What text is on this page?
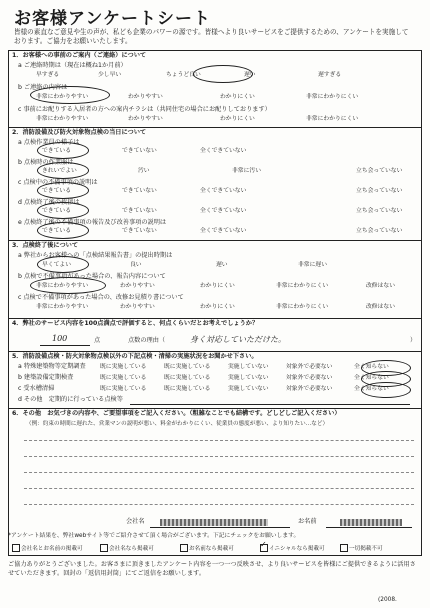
お客様アンケートシート
皆様の素直なご意見や生の声が、私ども企業のパワーの源です。皆様へより良いサービスをご提供するための、アンケートを実施しております。ご協力をお願いいたします。
1．お客様への事前のご案内（ご連絡）について
a ご連絡時期は（現在は概ね1か月前）
早すぎる	少し早い	ちょうど良い	遅い	遅すぎる
b ご連絡の内容は
非常にわかりやすい	わかりやすい	わかりにくい	非常にわかりにくい
c 事前にお配りする入居者の方への案内チラシは（共同住宅の場合にお配りしております）
非常にわかりやすい	わかりやすい	わかりにくい	非常にわかりにくい
2．消防設備及び防火対象物点検の当日について
a 点検作業員の様子は
できている	できていない	全くできていない
b 点検時の作業服は
きれいでよい	汚い	非常に汚い	立ち会っていない
c 点検中の不備事項の説明は
できている	できていない	全くできていない	立ち会っていない
d 点検終了後の挨拶は
できている	できていない	全くできていない	立ち会っていない
e 点検終了後の不備事項の報告及び改善事項の説明は
できている	できていない	全くできていない	立ち会っていない
3．点検終了後について
a 弊社からお客様への「点検結果報告書」の提出時期は
早くてよい	良い	遅い	非常に遅い
b 点検で不備事項があった場合の、報告内容について
非常にわかりやすい	わかりやすい	わかりにくい	非常にわかりにくい	改修はない
c 点検で不備事項があった場合の、改修お見積り書について
非常にわかりやすい	わかりやすい	わかりにくい	非常にわかりにくい	改修はない
4．弊社のサービス内容を100点満点で評価すると、何点くらいだとお考えでしょうか？
100	点	点数の理由（	身く対応していただけた。	）
5．消防設備点検・防火対象物点検以外の下記点検・清掃の実施状況をお聞かせ下さい。
a 特殊建築物等定期調査 既に実施している	既に実施している	実施していない	対象外で必要ない	全く知らない
b 建築設備定期検査	既に実施している	既に実施している	実施していない	対象外で必要ない	全く知らない
c 受水槽清掃	既に実施している	既に実施している	実施していない	対象外で必要ない	全く知らない
d その他　定期的に行っている点検等
6．その他　お気づきの内容や、ご要望事項をご記入ください。（粗雑なことでも結構です。どしどしご記入ください）
（例：約束の時間に遅れた、営業マンの説明が悪い、料金がわかりにくい、従業員の態度が悪い、より知りたい…など）
*アンケート結果を、弊社webサイト等でご紹介させて頂く場合がございます。下記にチェックをお願いします。
会社名	お名前
会社名とお名前の掲載可	会社名なら掲載可	お名前なら掲載可	✓ イニシャルなら掲載可	一切掲載不可
ご協力ありがとうございました。お客さまに頂きましたアンケート内容を一つ一つ反映させ、より良いサービスを皆様にご提供できるように活用させていただきます。回封の「返信用封筒」にてご返信をお願いします。
(2008.
